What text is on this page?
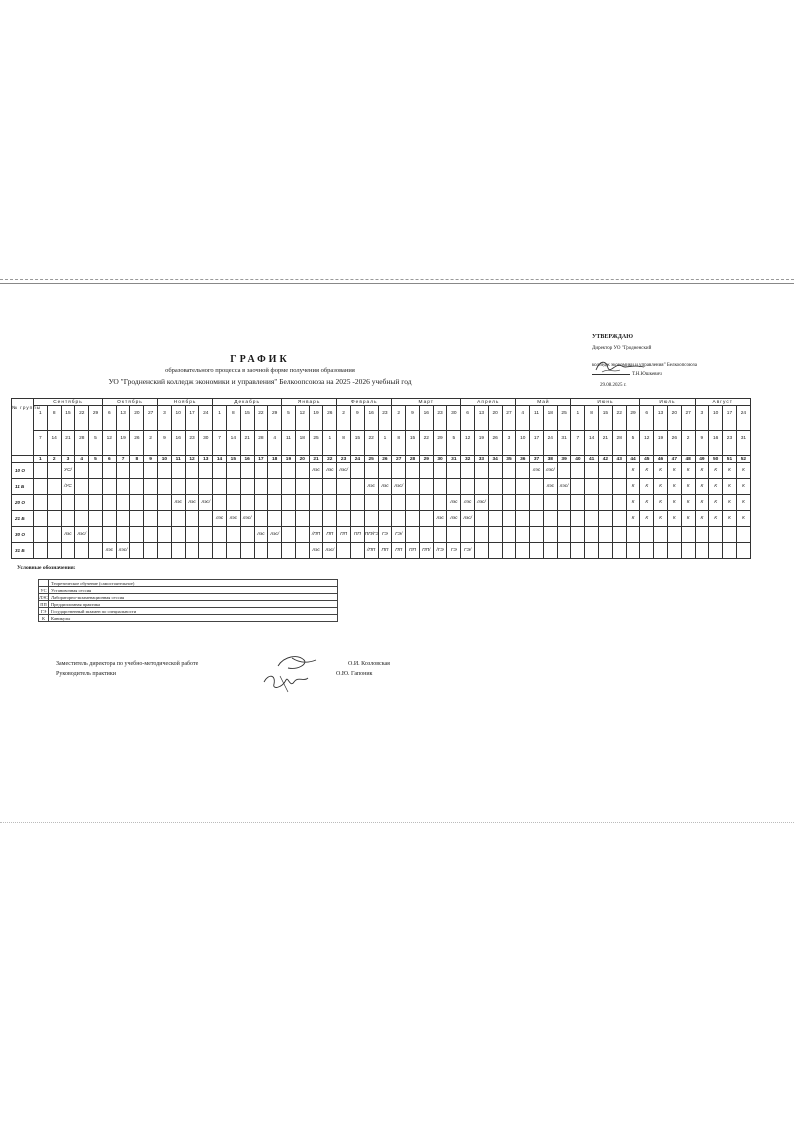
УТВЕРЖДАЮ
Директор УО "Гродненский
колледж экономики и управления" Белкоопсоюза
Т.Н.Юшкевич
29.08.2025 г.
ГРАФИК
образовательного процесса в заочной форме получения образования
УО "Гродненский колледж экономики и управления" Белкоопсоюза на 2025 -2026 учебный год
№ группы	Сентябрь					Октябрь				Ноябрь				Декабрь					Январь				Февраль				Март					Апрель				Май				Июнь					Июль				Август			
	1	8	15	22	29	6	13	20	27	3	10	17	24	1	8	15	22	29	5	12	19	26	2	9	16	23	2	9	16	23	30	6	13	20	27	4	11	18	25	1	8	15	22	29	6	13	20	27	3	10	17	24
	7	14	21	28	5	12	19	26	2	9	16	23	30	7	14	21	28	4	11	18	25	1	8	15	22	1	8	15	22	29	5	12	19	26	3	10	17	24	31	7	14	21	28	5	12	19	26	2	9	16	23	31
	1	2	3	4	5	6	7	8	9	10	11	12	13	14	15	16	17	18	19	20	21	22	23	24	25	26	27	28	29	30	31	32	33	34	35	36	37	38	39	40	41	42	43	44	45	46	47	48	49	50	51	52
10 О			УС/																		лэс	лэс	лэс/														лэс	лэс/						К	К	К	К	К	К	К	К	К
11 Б			/УС																						лэс	лэс	лэс/											лэс	лэс/					К	К	К	К	К	К	К	К	К
20 О											лэс	лэс	лэс/																		лэс	лэс	лэс/											К	К	К	К	К	К	К	К	К
21 Б														лэс	лэс	лэс/														лэс	лэс	лэс/												К	К	К	К	К	К	К	К	К
30 О			лэс	лэс/													лэс	лэс/			/ПП	ПП	ПП	ПП	ПП/ГЭ	ГЭ	ГЭ/																									
31 Б						лэс	лэс/														лэс	лэс/			/ПП	ПП	ПП	ПП	ПП/	/ГЭ	ГЭ	ГЭ/																				
Условные обозначения:
	Теоретическое обучение (самостоятельное)
УС	Установочная сессия
ЛЭС	Лабораторно-экзаменационная сессия
ПП	Преддипломная практика
ГЭ	Государственный экзамен по специальности
К	Каникулы
Заместитель директора по учебно-методической работе
Руководитель практики
О.И. Козловская
О.Ю. Гапоник
